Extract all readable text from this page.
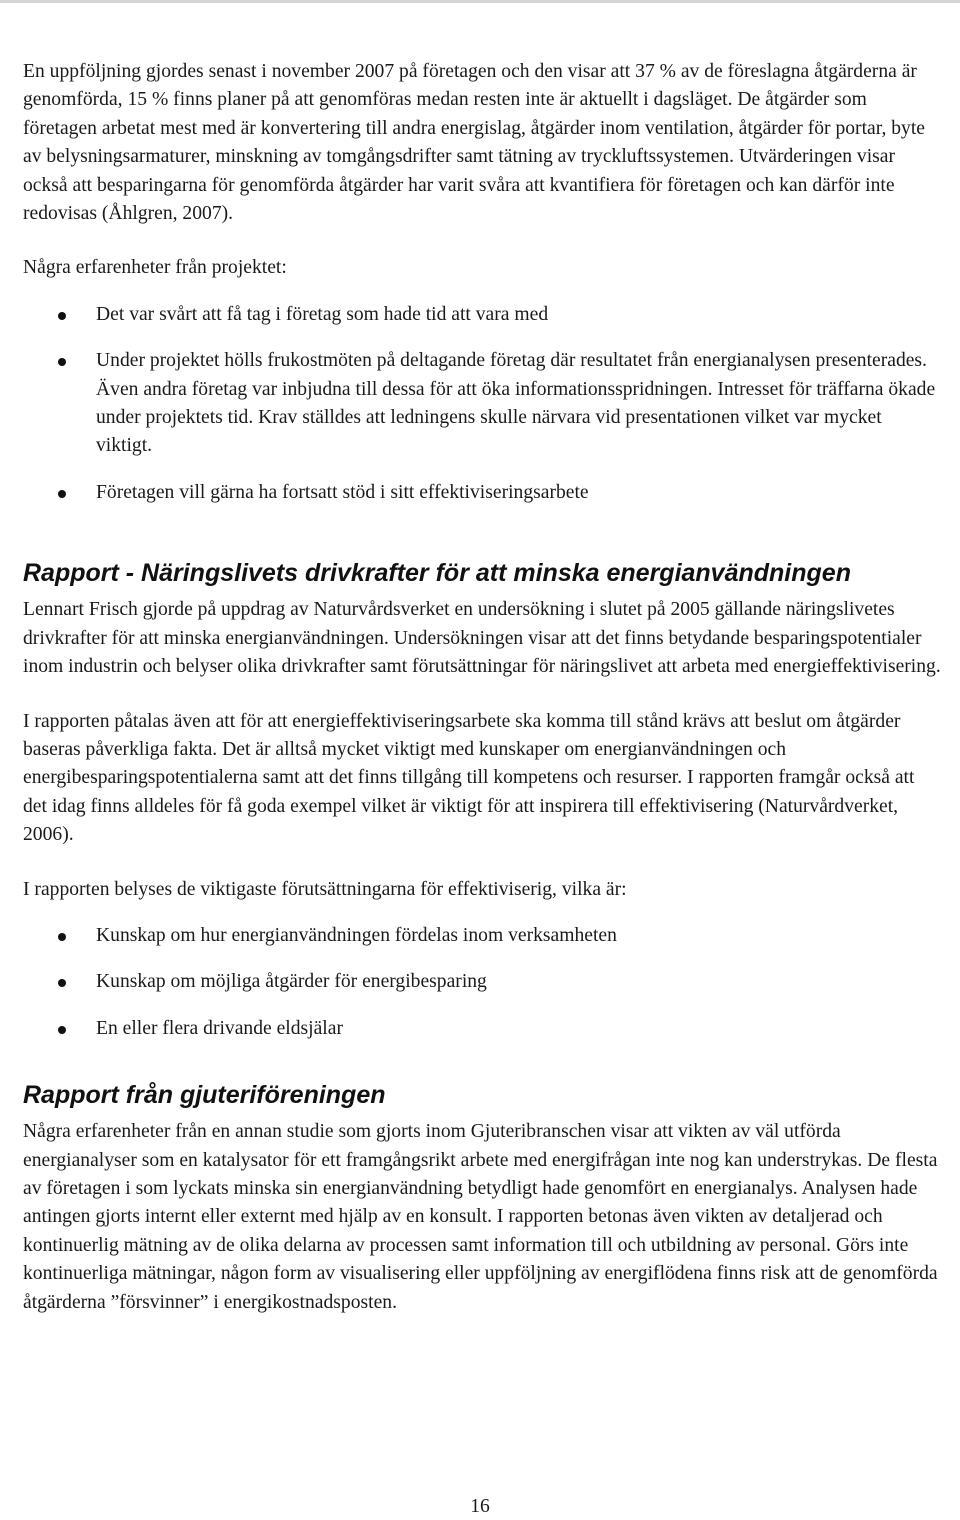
En uppföljning gjordes senast i november 2007 på företagen och den visar att 37 % av de föreslagna åtgärderna är genomförda, 15 % finns planer på att genomföras medan resten inte är aktuellt i dagsläget. De åtgärder som företagen arbetat mest med är konvertering till andra energislag, åtgärder inom ventilation, åtgärder för portar, byte av belysningsarmaturer, minskning av tomgångsdrifter samt tätning av tryckluftssystemen. Utvärderingen visar också att besparingarna för genomförda åtgärder har varit svåra att kvantifiera för företagen och kan därför inte redovisas (Åhlgren, 2007).

Några erfarenheter från projektet:

Det var svårt att få tag i företag som hade tid att vara med
Under projektet hölls frukostmöten på deltagande företag där resultatet från energianalysen presenterades. Även andra företag var inbjudna till dessa för att öka informationsspridningen. Intresset för träffarna ökade under projektets tid. Krav ställdes att ledningens skulle närvara vid presentationen vilket var mycket viktigt.
Företagen vill gärna ha fortsatt stöd i sitt effektiviseringsarbete
Rapport - Näringslivets drivkrafter för att minska energianvändningen

Lennart Frisch gjorde på uppdrag av Naturvårdsverket en undersökning i slutet på 2005 gällande näringslivetes drivkrafter för att minska energianvändningen. Undersökningen visar att det finns betydande besparingspotentialer inom industrin och belyser olika drivkrafter samt förutsättningar för näringslivet att arbeta med energieffektivisering.

I rapporten påtalas även att för att energieffektiviseringsarbete ska komma till stånd krävs att beslut om åtgärder baseras påverkliga fakta. Det är alltså mycket viktigt med kunskaper om energianvändningen och energibesparingspotentialerna samt att det finns tillgång till kompetens och resurser. I rapporten framgår också att det idag finns alldeles för få goda exempel vilket är viktigt för att inspirera till effektivisering (Naturvårdverket, 2006).

I rapporten belyses de viktigaste förutsättningarna för effektiviserig, vilka är:

Kunskap om hur energianvändningen fördelas inom verksamheten
Kunskap om möjliga åtgärder för energibesparing
En eller flera drivande eldsjälar
Rapport från gjuteriföreningen

Några erfarenheter från en annan studie som gjorts inom Gjuteribranschen visar att vikten av väl utförda energianalyser som en katalysator för ett framgångsrikt arbete med energifrågan inte nog kan understrykas. De flesta av företagen i som lyckats minska sin energianvändning betydligt hade genomfört en energianalys. Analysen hade antingen gjorts internt eller externt med hjälp av en konsult. I rapporten betonas även vikten av detaljerad och kontinuerlig mätning av de olika delarna av processen samt information till och utbildning av personal. Görs inte kontinuerliga mätningar, någon form av visualisering eller uppföljning av energiflödena finns risk att de genomförda åtgärderna ”försvinner” i energikostnadsposten.

16
